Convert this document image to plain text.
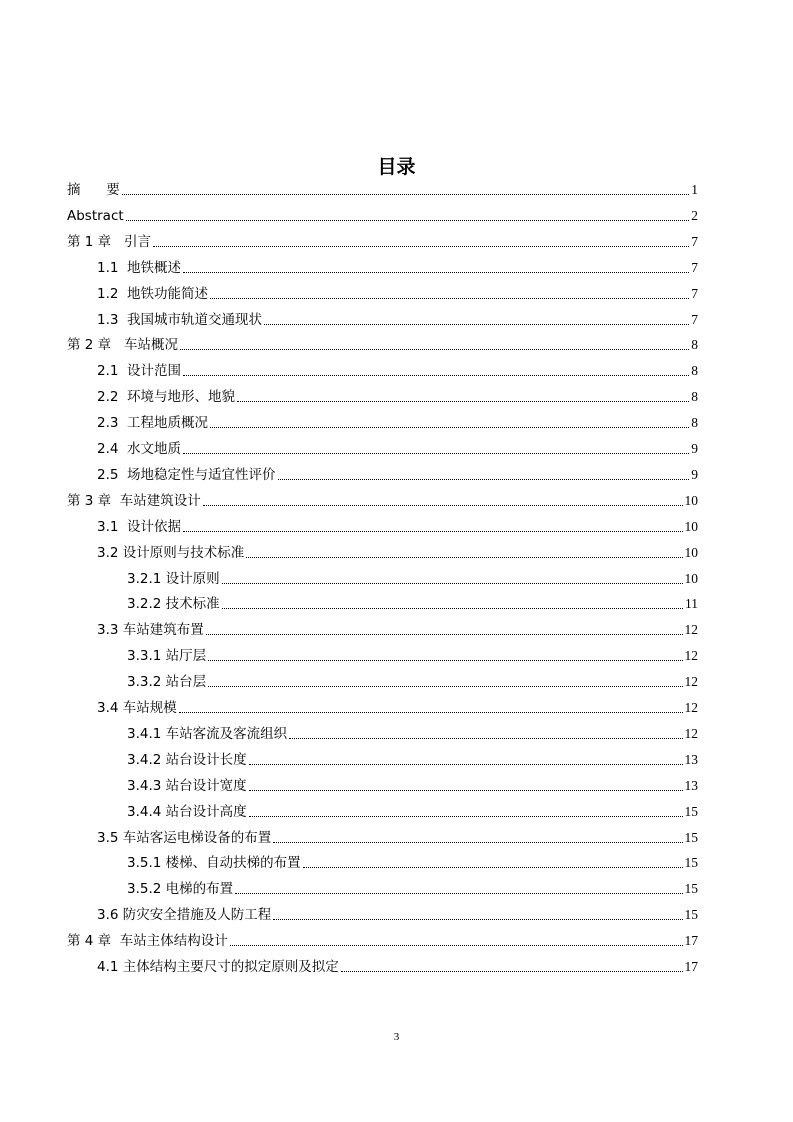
目录
摘      要	1
Abstract	2
第 1 章   引言	7
1.1  地铁概述	7
1.2  地铁功能简述	7
1.3  我国城市轨道交通现状	7
第 2 章   车站概况	8
2.1  设计范围	8
2.2  环境与地形、地貌	8
2.3  工程地质概况	8
2.4  水文地质	9
2.5  场地稳定性与适宜性评价	9
第 3 章  车站建筑设计	10
3.1  设计依据	10
3.2 设计原则与技术标准	10
3.2.1 设计原则	10
3.2.2 技术标准	11
3.3 车站建筑布置	12
3.3.1 站厅层	12
3.3.2 站台层	12
3.4 车站规模	12
3.4.1 车站客流及客流组织	12
3.4.2 站台设计长度	13
3.4.3 站台设计宽度	13
3.4.4 站台设计高度	15
3.5 车站客运电梯设备的布置	15
3.5.1 楼梯、自动扶梯的布置	15
3.5.2 电梯的布置	15
3.6 防灾安全措施及人防工程	15
第 4 章  车站主体结构设计	17
4.1 主体结构主要尺寸的拟定原则及拟定	17
3
